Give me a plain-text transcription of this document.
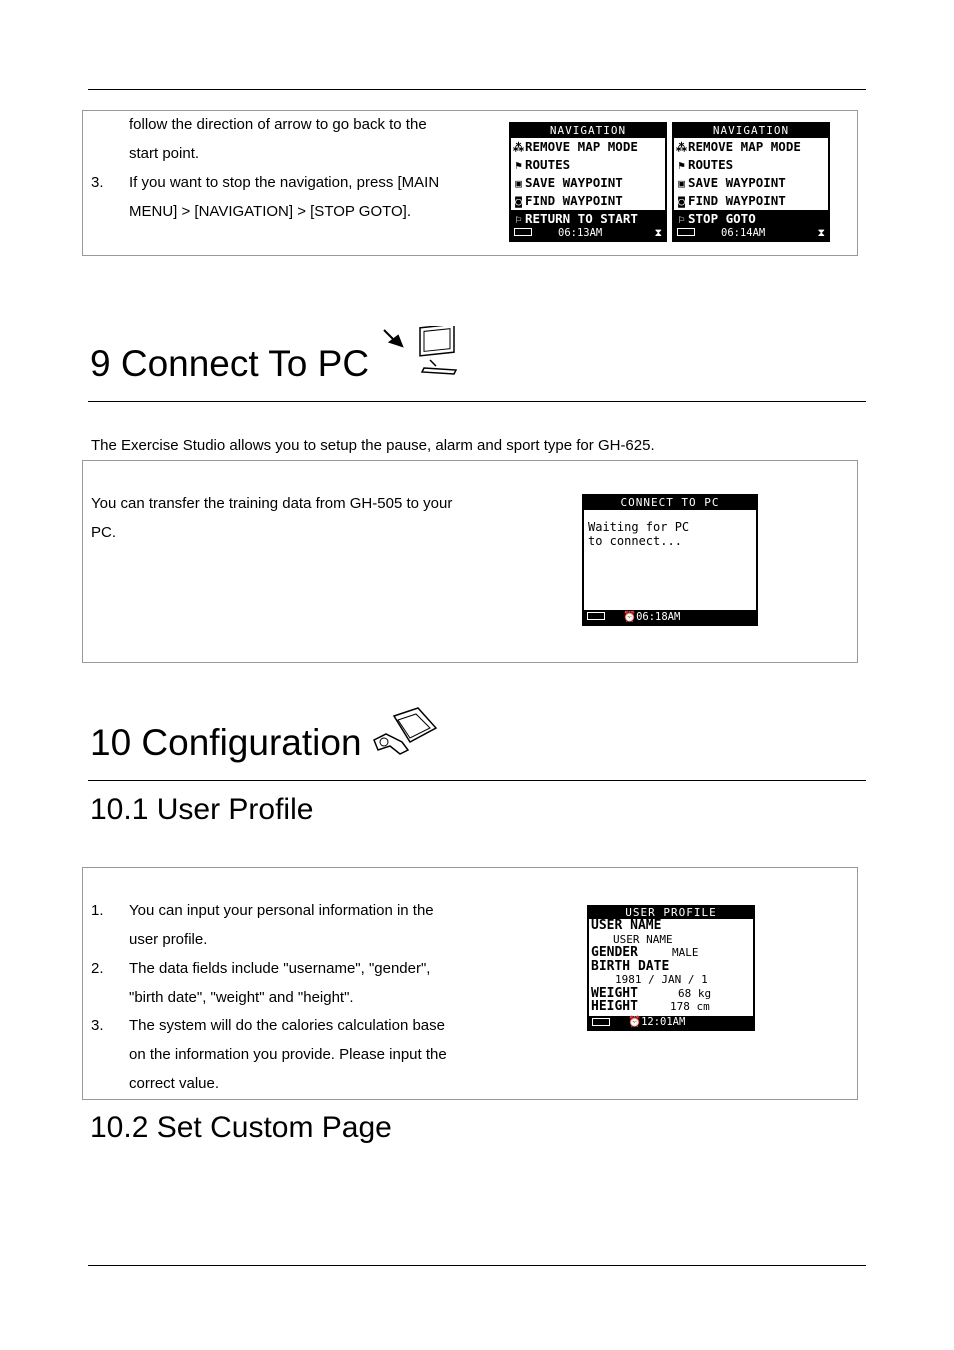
follow the direction of arrow to go back to the
start point.
3.	If you want to stop the navigation, press [MAIN
MENU] > [NAVIGATION] > [STOP GOTO].
NAVIGATION
⁂REMOVE MAP MODE
⚑ ROUTES
▣ SAVE WAYPOINT
◙ FIND WAYPOINT
⚐ RETURN TO START
06:13AM	⧗
NAVIGATION
⁂REMOVE MAP MODE
⚑ ROUTES
▣ SAVE WAYPOINT
◙ FIND WAYPOINT
⚐ STOP GOTO
06:14AM	⧗
9 Connect To PC
The Exercise Studio allows you to setup the pause, alarm and sport type for GH-625.
You can transfer the training data from GH-505 to your
PC.
CONNECT TO PC
Waiting for PC
to connect...
⏰06:18AM
10 Configuration
10.1 User Profile
1.	You can input your personal information in the
user profile.
2.	The data fields include "username", "gender",
"birth date", "weight" and "height".
3.	The system will do the calories calculation base
on the information you provide. Please input the
correct value.
USER PROFILE
USER NAME
USER NAME
GENDER	MALE
BIRTH DATE
1981 / JAN / 1
WEIGHT	68 kg
HEIGHT	178 cm
⏰12:01AM
10.2 Set Custom Page
